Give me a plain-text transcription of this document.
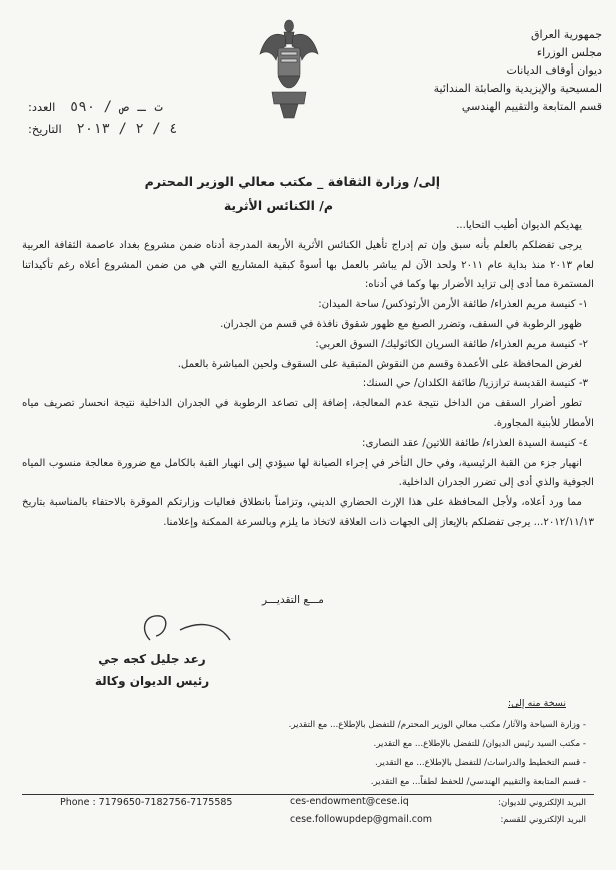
جمهورية العراق
مجلس الوزراء
ديوان أوقاف الديانات
المسيحية والإيزيدية والصابئة المندائية
قسم المتابعة والتقييم الهندسي
ت ـ ص / ٥٩٠    العدد:
٤ / ٢ / ٢٠١٣    التاريخ:
إلى/ وزارة الثقافة _ مكتب معالي الوزير المحترم
م/ الكنائس الأثرية

يهديكم الديوان أطيب التحايا...

يرجى تفضلكم بالعلم بأنه سبق وإن تم إدراج تأهيل الكنائس الأثرية الأربعة المدرجة أدناه ضمن مشروع بغداد عاصمة الثقافة العربية لعام ٢٠١٣ منذ بداية عام ٢٠١١ ولحد الآن لم يباشر بالعمل بها أسوةً كبقية المشاريع التي هي من ضمن المشروع أعلاه رغم تأكيداتنا المستمرة مما أدى إلى تزايد الأضرار بها وكما في أدناه:

١- كنيسة مريم العذراء/ طائفة الأرمن الأرثوذكس/ ساحة الميدان:

ظهور الرطوبة في السقف، وتضرر الصبغ مع ظهور شقوق نافذة في قسم من الجدران.

٢- كنيسة مريم العذراء/ طائفة السريان الكاثوليك/ السوق العربي:

لغرض المحافظة على الأعمدة وقسم من النقوش المتبقية على السقوف ولحين المباشرة بالعمل.

٣- كنيسة القديسة تراززيا/ طائفة الكلدان/ حي السنك:

تطور أضرار السقف من الداخل نتيجة عدم المعالجة، إضافة إلى تصاعد الرطوبة في الجدران الداخلية نتيجة انحسار تصريف مياه الأمطار للأبنية المجاورة.

٤- كنيسة السيدة العذراء/ طائفة اللاتين/ عقد النصارى:

انهيار جزء من القبة الرئيسية، وفي حال التأخر في إجراء الصيانة لها سيؤدي إلى انهيار القبة بالكامل مع ضرورة معالجة منسوب المياه الجوفية والذي أدى إلى تضرر الجدران الداخلية.

مما ورد أعلاه، ولأجل المحافظة على هذا الإرث الحضاري الديني، وتزامناً بانطلاق فعاليات وزارتكم الموقرة بالاحتفاء بالمناسبة بتاريخ ٢٠١٢/١١/١٣... يرجى تفضلكم بالإيعاز إلى الجهات ذات العلاقة لاتخاذ ما يلزم وبالسرعة الممكنة وإعلامنا.

مـــع التقديـــر
رعد جليل كجه جي
رئيس الديوان وكالة
نسخة منه إلى:
- وزارة السياحة والآثار/ مكتب معالي الوزير المحترم/ للتفضل بالإطلاع... مع التقدير.
- مكتب السيد رئيس الديوان/ للتفضل بالإطلاع... مع التقدير.
- قسم التخطيط والدراسات/ للتفضل بالإطلاع... مع التقدير.
- قسم المتابعة والتقييم الهندسي/ للحفظ لطفاً... مع التقدير.
Phone : 7179650-7182756-7175585	ces-endowment@cese.iq
cese.followupdep@gmail.com
البريد الإلكتروني للديوان:
البريد الإلكتروني للقسم:
